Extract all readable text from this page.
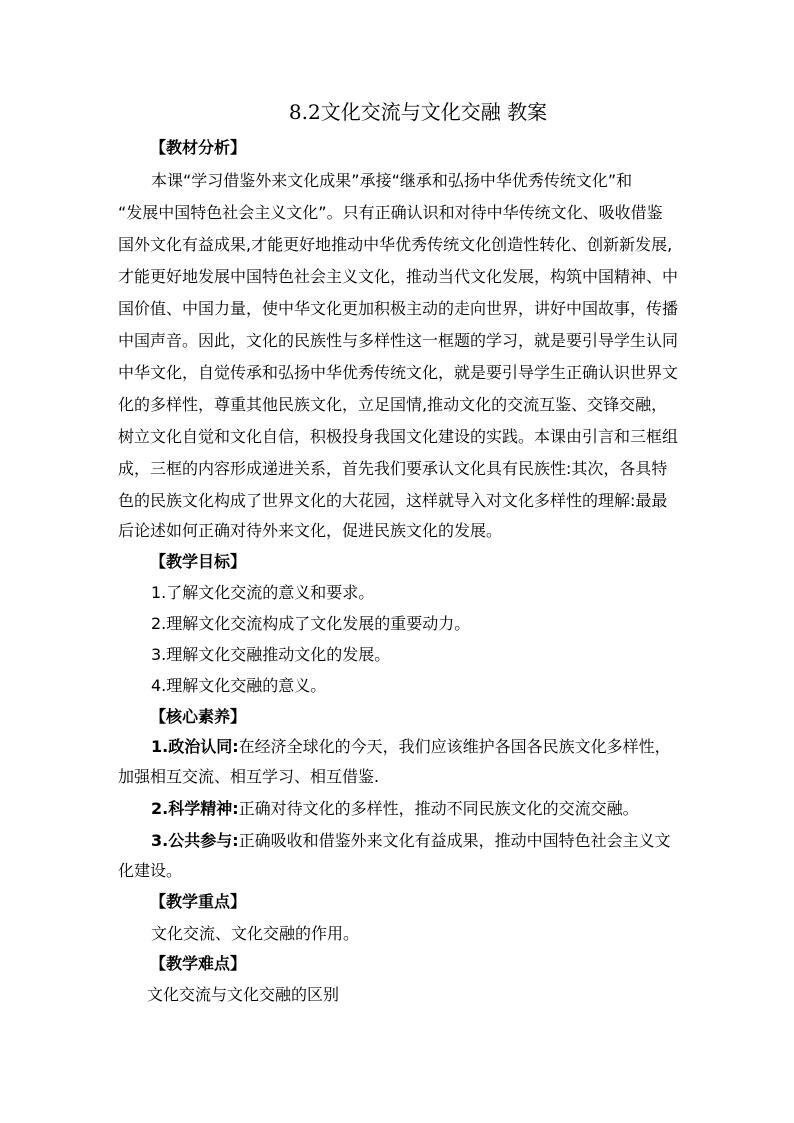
8.2文化交流与文化交融 教案
【教材分析】
本课“学习借鉴外来文化成果”承接“继承和弘扬中华优秀传统文化”和
“发展中国特色社会主义文化”。只有正确认识和对待中华传统文化、吸收借鉴
国外文化有益成果,才能更好地推动中华优秀传统文化创造性转化、创新新发展,
才能更好地发展中国特色社会主义文化，推动当代文化发展，构筑中国精神、中
国价值、中国力量，使中华文化更加积极主动的走向世界，讲好中国故事，传播
中国声音。因此，文化的民族性与多样性这一框题的学习，就是要引导学生认同
中华文化，自觉传承和弘扬中华优秀传统文化，就是要引导学生正确认识世界文
化的多样性，尊重其他民族文化，立足国情,推动文化的交流互鉴、交锋交融，
树立文化自觉和文化自信，积极投身我国文化建设的实践。本课由引言和三框组
成，三框的内容形成递进关系，首先我们要承认文化具有民族性:其次，各具特
色的民族文化构成了世界文化的大花园，这样就导入对文化多样性的理解:最最
后论述如何正确对待外来文化，促进民族文化的发展。
【教学目标】
1.了解文化交流的意义和要求。
2.理解文化交流构成了文化发展的重要动力。
3.理解文化交融推动文化的发展。
4.理解文化交融的意义。
【核心素养】
1.政治认同:在经济全球化的今天，我们应该维护各国各民族文化多样性，
加强相互交流、相互学习、相互借鉴.
2.科学精神:正确对待文化的多样性，推动不同民族文化的交流交融。
3.公共参与:正确吸收和借鉴外来文化有益成果，推动中国特色社会主义文
化建设。
【教学重点】
文化交流、文化交融的作用。
【教学难点】
文化交流与文化交融的区别
